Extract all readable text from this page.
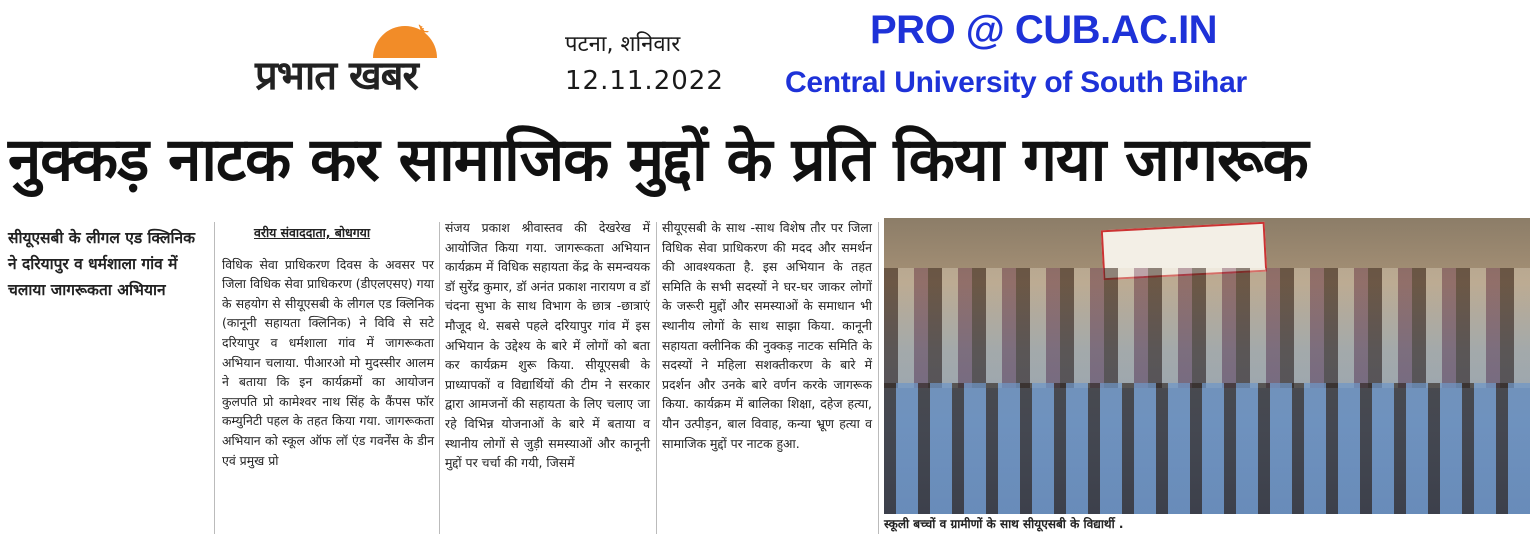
✈
प्रभात खबर
पटना, शनिवार
12.11.2022
PRO @ CUB.AC.IN
Central University of South Bihar
नुक्कड़ नाटक कर सामाजिक मुद्दों के प्रति किया गया जागरूक
सीयूएसबी के लीगल एड क्लिनिक ने दरियापुर व धर्मशाला गांव में चलाया जागरूकता अभियान
वरीय संवाददाता, बोधगया
विधिक सेवा प्राधिकरण दिवस के अवसर पर जिला विधिक सेवा प्राधिकरण (डीएलएसए) गया के सहयोग से सीयूएसबी के लीगल एड क्लिनिक (कानूनी सहायता क्लिनिक) ने विवि से सटे दरियापुर व धर्मशाला गांव में जागरूकता अभियान चलाया. पीआरओ मो मुदस्सीर आलम ने बताया कि इन कार्यक्रमों का आयोजन कुलपति प्रो कामेश्वर नाथ सिंह के कैंपस फॉर कम्युनिटी पहल के तहत किया गया. जागरूकता अभियान को स्कूल ऑफ लॉ एंड गवर्नेंस के डीन एवं प्रमुख प्रो
संजय प्रकाश श्रीवास्तव की देखरेख में आयोजित किया गया. जागरूकता अभियान कार्यक्रम में विधिक सहायता केंद्र के समन्वयक डॉ सुरेंद्र कुमार, डॉ अनंत प्रकाश नारायण व डॉ चंदना सुभा के साथ विभाग के छात्र -छात्राएं मौजूद थे. सबसे पहले दरियापुर गांव में इस अभियान के उद्देश्य के बारे में लोगों को बता कर कार्यक्रम शुरू किया. सीयूएसबी के प्राध्यापकों व विद्यार्थियों की टीम ने सरकार द्वारा आमजनों की सहायता के लिए चलाए जा रहे विभिन्न योजनाओं के बारे में बताया व स्थानीय लोगों से जुड़ी समस्याओं और कानूनी मुद्दों पर चर्चा की गयी, जिसमें
सीयूएसबी के साथ -साथ विशेष तौर पर जिला विधिक सेवा प्राधिकरण की मदद और समर्थन की आवश्यकता है. इस अभियान के तहत समिति के सभी सदस्यों ने घर-घर जाकर लोगों के जरूरी मुद्दों और समस्याओं के समाधान भी स्थानीय लोगों के साथ साझा किया. कानूनी सहायता क्लीनिक की नुक्कड़ नाटक समिति के सदस्यों ने महिला सशक्तीकरण के बारे में प्रदर्शन और उनके बारे वर्णन करके जागरूक किया. कार्यक्रम में बालिका शिक्षा, दहेज हत्या, यौन उत्पीड़न, बाल विवाह, कन्या भ्रूण हत्या व सामाजिक मुद्दों पर नाटक हुआ.
स्कूली बच्चों व ग्रामीणों के साथ सीयूएसबी के विद्यार्थी .
